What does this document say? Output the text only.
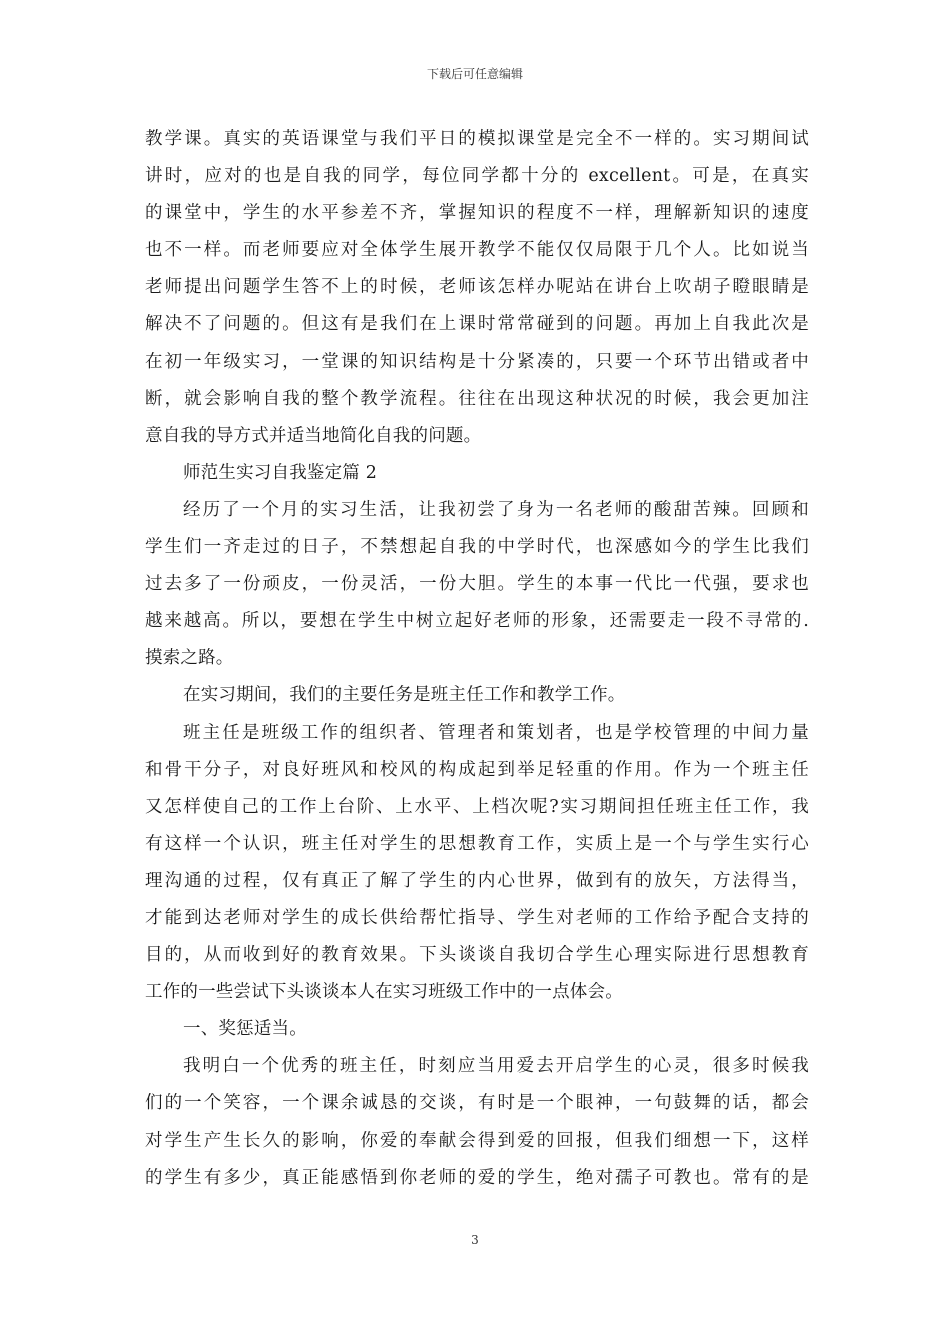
下载后可任意编辑
教学课。真实的英语课堂与我们平日的模拟课堂是完全不一样的。实习期间试
讲时，应对的也是自我的同学，每位同学都十分的 excellent。可是，在真实
的课堂中，学生的水平参差不齐，掌握知识的程度不一样，理解新知识的速度
也不一样。而老师要应对全体学生展开教学不能仅仅局限于几个人。比如说当
老师提出问题学生答不上的时候，老师该怎样办呢站在讲台上吹胡子瞪眼睛是
解决不了问题的。但这有是我们在上课时常常碰到的问题。再加上自我此次是
在初一年级实习，一堂课的知识结构是十分紧凑的，只要一个环节出错或者中
断，就会影响自我的整个教学流程。往往在出现这种状况的时候，我会更加注
意自我的导方式并适当地简化自我的问题。
师范生实习自我鉴定篇 2
经历了一个月的实习生活，让我初尝了身为一名老师的酸甜苦辣。回顾和
学生们一齐走过的日子，不禁想起自我的中学时代，也深感如今的学生比我们
过去多了一份顽皮，一份灵活，一份大胆。学生的本事一代比一代强，要求也
越来越高。所以，要想在学生中树立起好老师的形象，还需要走一段不寻常的.
摸索之路。
在实习期间，我们的主要任务是班主任工作和教学工作。
班主任是班级工作的组织者、管理者和策划者，也是学校管理的中间力量
和骨干分子，对良好班风和校风的构成起到举足轻重的作用。作为一个班主任
又怎样使自己的工作上台阶、上水平、上档次呢?实习期间担任班主任工作，我
有这样一个认识，班主任对学生的思想教育工作，实质上是一个与学生实行心
理沟通的过程，仅有真正了解了学生的内心世界，做到有的放矢，方法得当，
才能到达老师对学生的成长供给帮忙指导、学生对老师的工作给予配合支持的
目的，从而收到好的教育效果。下头谈谈自我切合学生心理实际进行思想教育
工作的一些尝试下头谈谈本人在实习班级工作中的一点体会。
一、奖惩适当。
我明白一个优秀的班主任，时刻应当用爱去开启学生的心灵，很多时候我
们的一个笑容，一个课余诚恳的交谈，有时是一个眼神，一句鼓舞的话，都会
对学生产生长久的影响，你爱的奉献会得到爱的回报，但我们细想一下，这样
的学生有多少，真正能感悟到你老师的爱的学生，绝对孺子可教也。常有的是
3
